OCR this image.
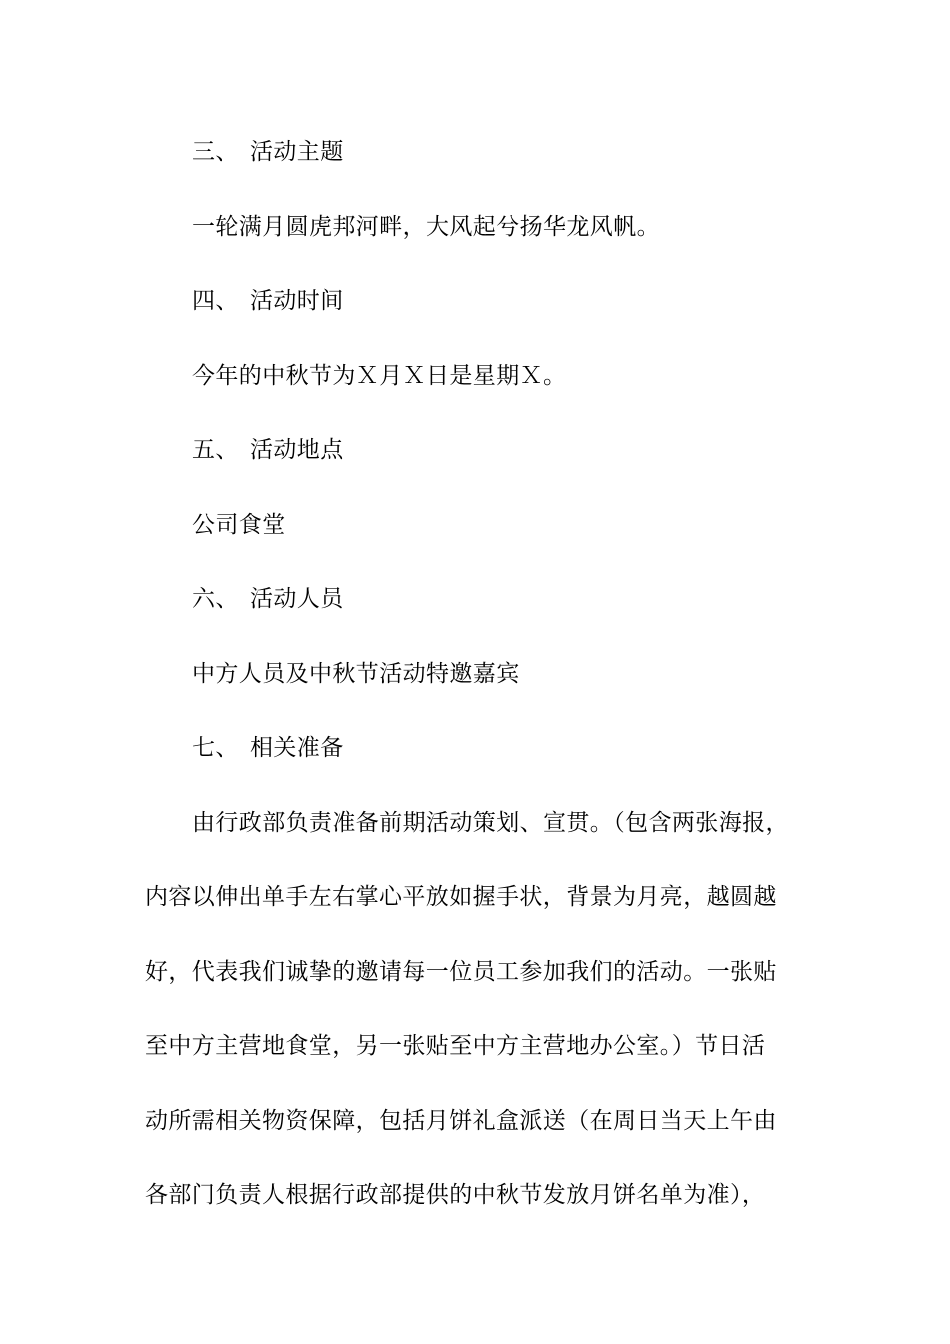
三、 活动主题
一轮满月圆虎邦河畔，大风起兮扬华龙风帆。
四、 活动时间
今年的中秋节为Ｘ月Ｘ日是星期Ｘ。
五、 活动地点
公司食堂
六、 活动人员
中方人员及中秋节活动特邀嘉宾
七、 相关准备
由行政部负责准备前期活动策划、宣贯。（包含两张海报，
内容以伸出单手左右掌心平放如握手状，背景为月亮，越圆越
好，代表我们诚挚的邀请每一位员工参加我们的活动。一张贴
至中方主营地食堂，另一张贴至中方主营地办公室。）节日活
动所需相关物资保障，包括月饼礼盒派送（在周日当天上午由
各部门负责人根据行政部提供的中秋节发放月饼名单为准），
